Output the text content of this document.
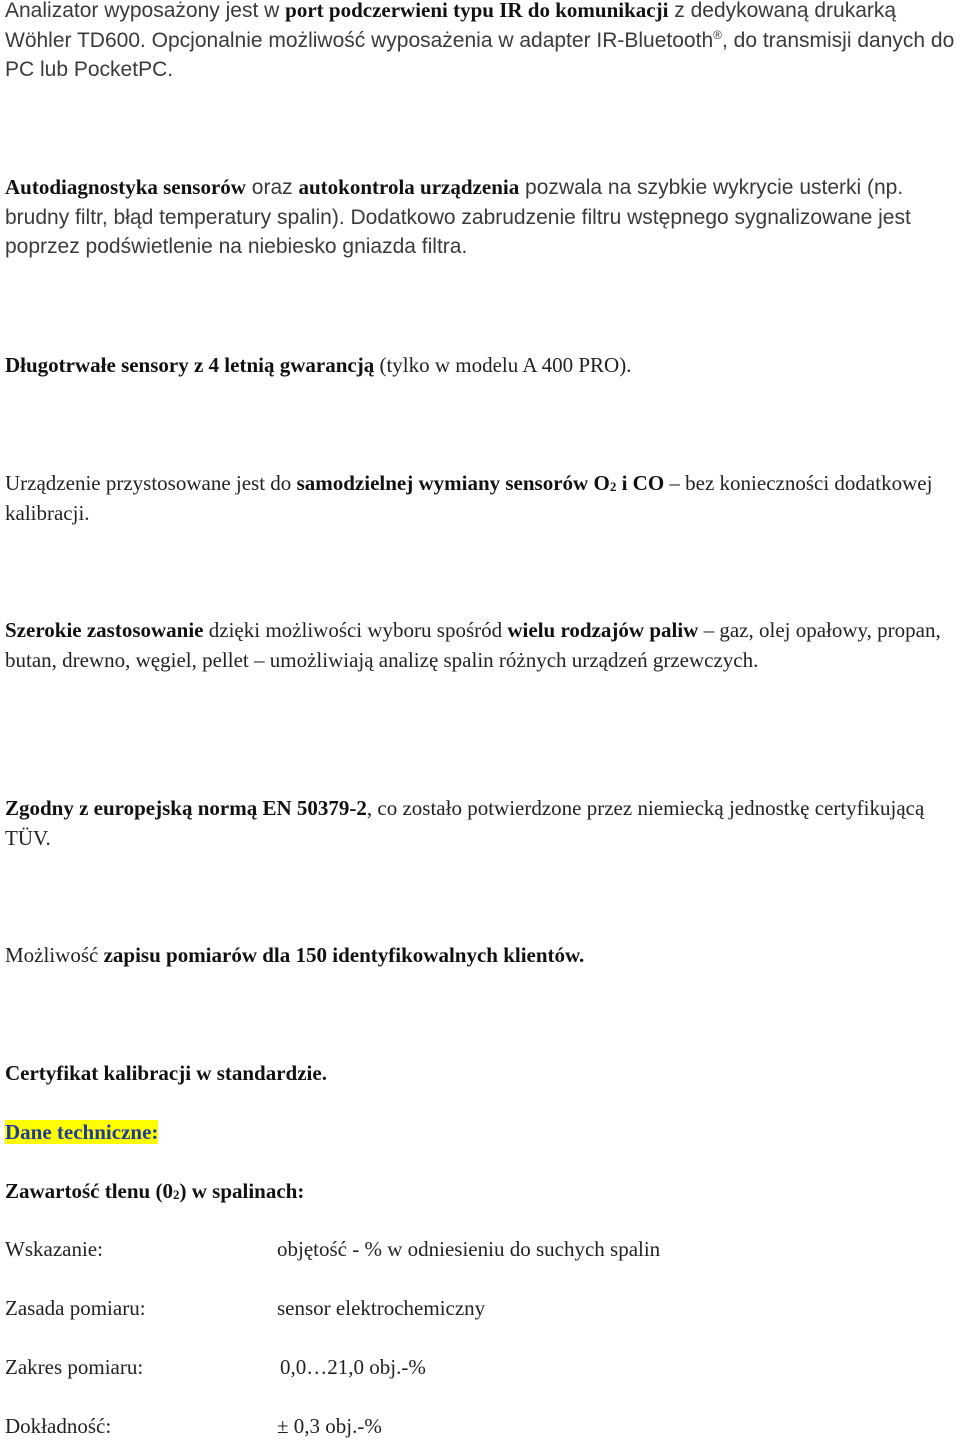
Analizator wyposażony jest w port podczerwieni typu IR do komunikacji z dedykowaną drukarką Wöhler TD600. Opcjonalnie możliwość wyposażenia w adapter IR-Bluetooth®, do transmisji danych do PC lub PocketPC.
Autodiagnostyka sensorów oraz autokontrola urządzenia pozwala na szybkie wykrycie usterki (np. brudny filtr, błąd temperatury spalin). Dodatkowo zabrudzenie filtru wstępnego sygnalizowane jest poprzez podświetlenie na niebiesko gniazda filtra.
Długotrwałe sensory z 4 letnią gwarancją (tylko w modelu A 400 PRO).
Urządzenie przystosowane jest do samodzielnej wymiany sensorów $O_2$ i CO – bez konieczności dodatkowej kalibracji.
Szerokie zastosowanie dzięki możliwości wyboru spośród wielu rodzajów paliw – gaz, olej opałowy, propan, butan, drewno, węgiel, pellet – umożliwiają analizę spalin różnych urządzeń grzewczych.
Zgodny z europejską normą EN 50379-2, co zostało potwierdzone przez niemiecką jednostkę certyfikującą TÜV.
Możliwość zapisu pomiarów dla 150 identyfikowalnych klientów.
Certyfikat kalibracji w standardzie.
Dane techniczne:
Zawartość tlenu $(0_2)$ w spalinach:
Wskazanie:	objętość - % w odniesieniu do suchych spalin
Zasada pomiaru:	sensor elektrochemiczny
Zakres pomiaru:	0,0…21,0 obj.-%
Dokładność:	± 0,3 obj.-%
